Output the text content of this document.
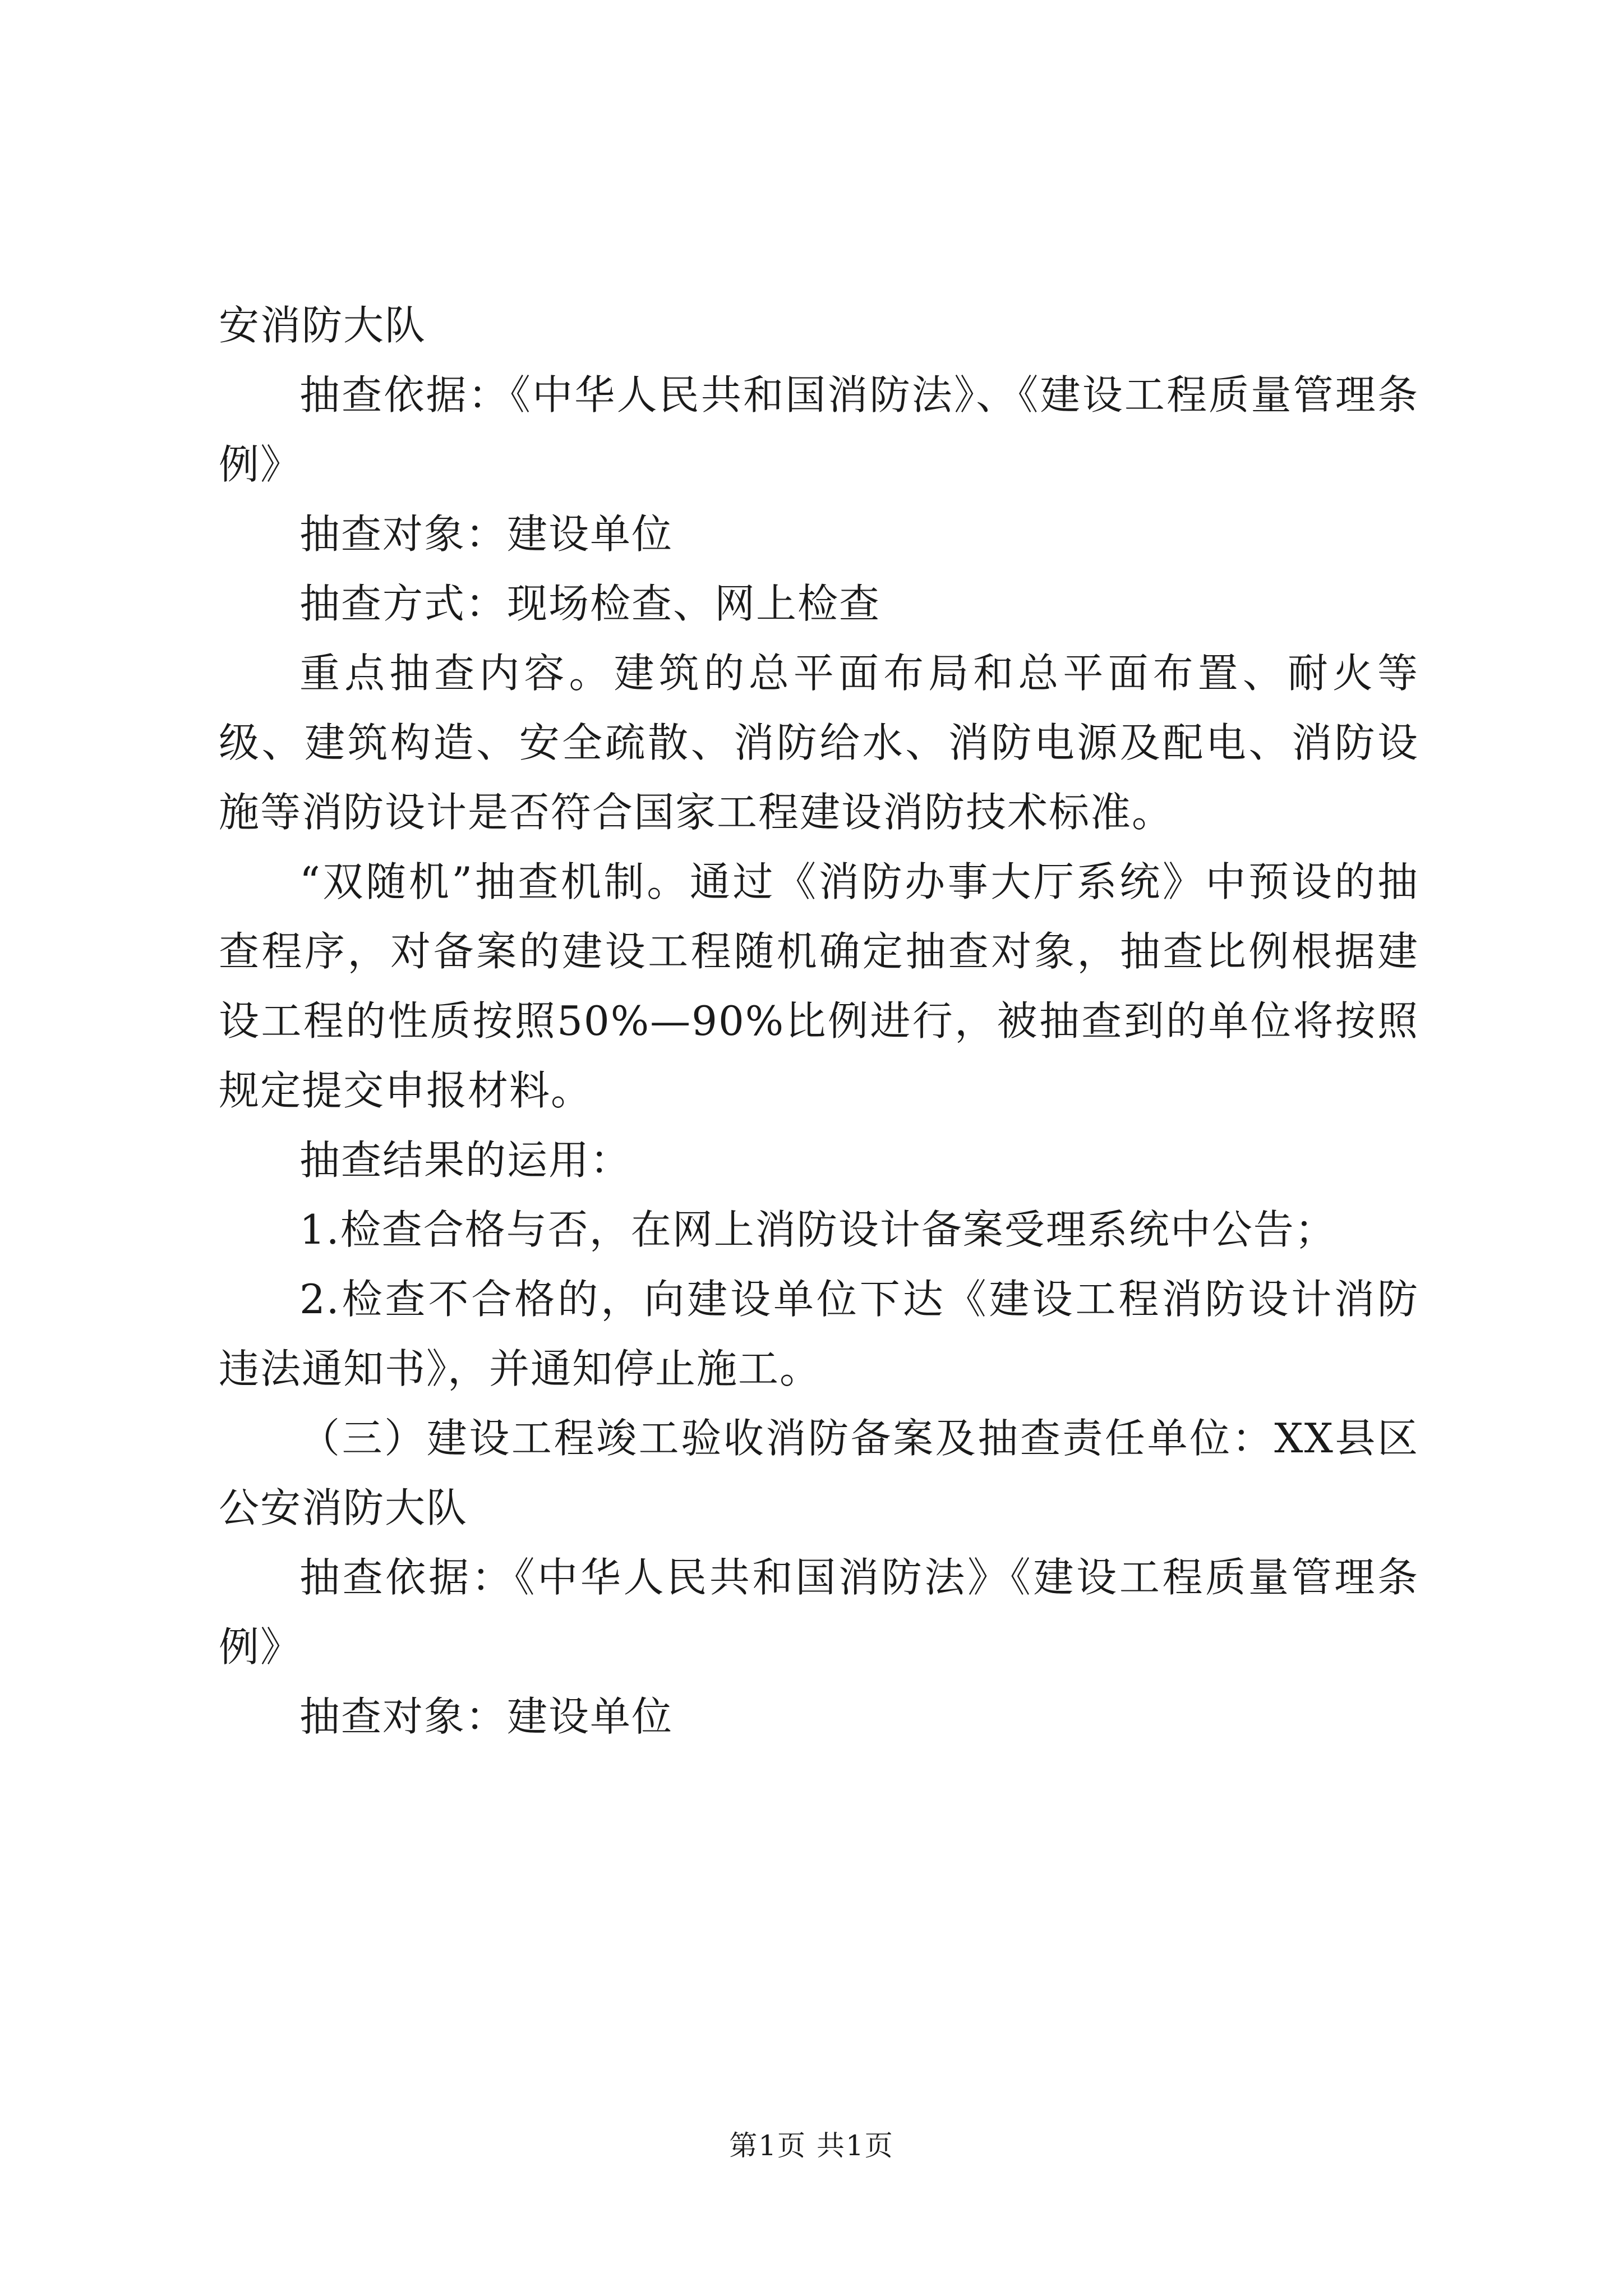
安消防大队

抽查依据：《中华人民共和国消防法》、《建设工程质量管理条例》

抽查对象：建设单位

抽查方式：现场检查、网上检查

重点抽查内容。建筑的总平面布局和总平面布置、耐火等级、建筑构造、安全疏散、消防给水、消防电源及配电、消防设施等消防设计是否符合国家工程建设消防技术标准。

“双随机”抽查机制。通过《消防办事大厅系统》中预设的抽查程序，对备案的建设工程随机确定抽查对象，抽查比例根据建设工程的性质按照50%—90%比例进行，被抽查到的单位将按照规定提交申报材料。

抽查结果的运用：

1.检查合格与否，在网上消防设计备案受理系统中公告；

2.检查不合格的，向建设单位下达《建设工程消防设计消防违法通知书》，并通知停止施工。

（三）建设工程竣工验收消防备案及抽查责任单位：XX县区公安消防大队

抽查依据：《中华人民共和国消防法》《建设工程质量管理条例》

抽查对象：建设单位

第1页 共1页
